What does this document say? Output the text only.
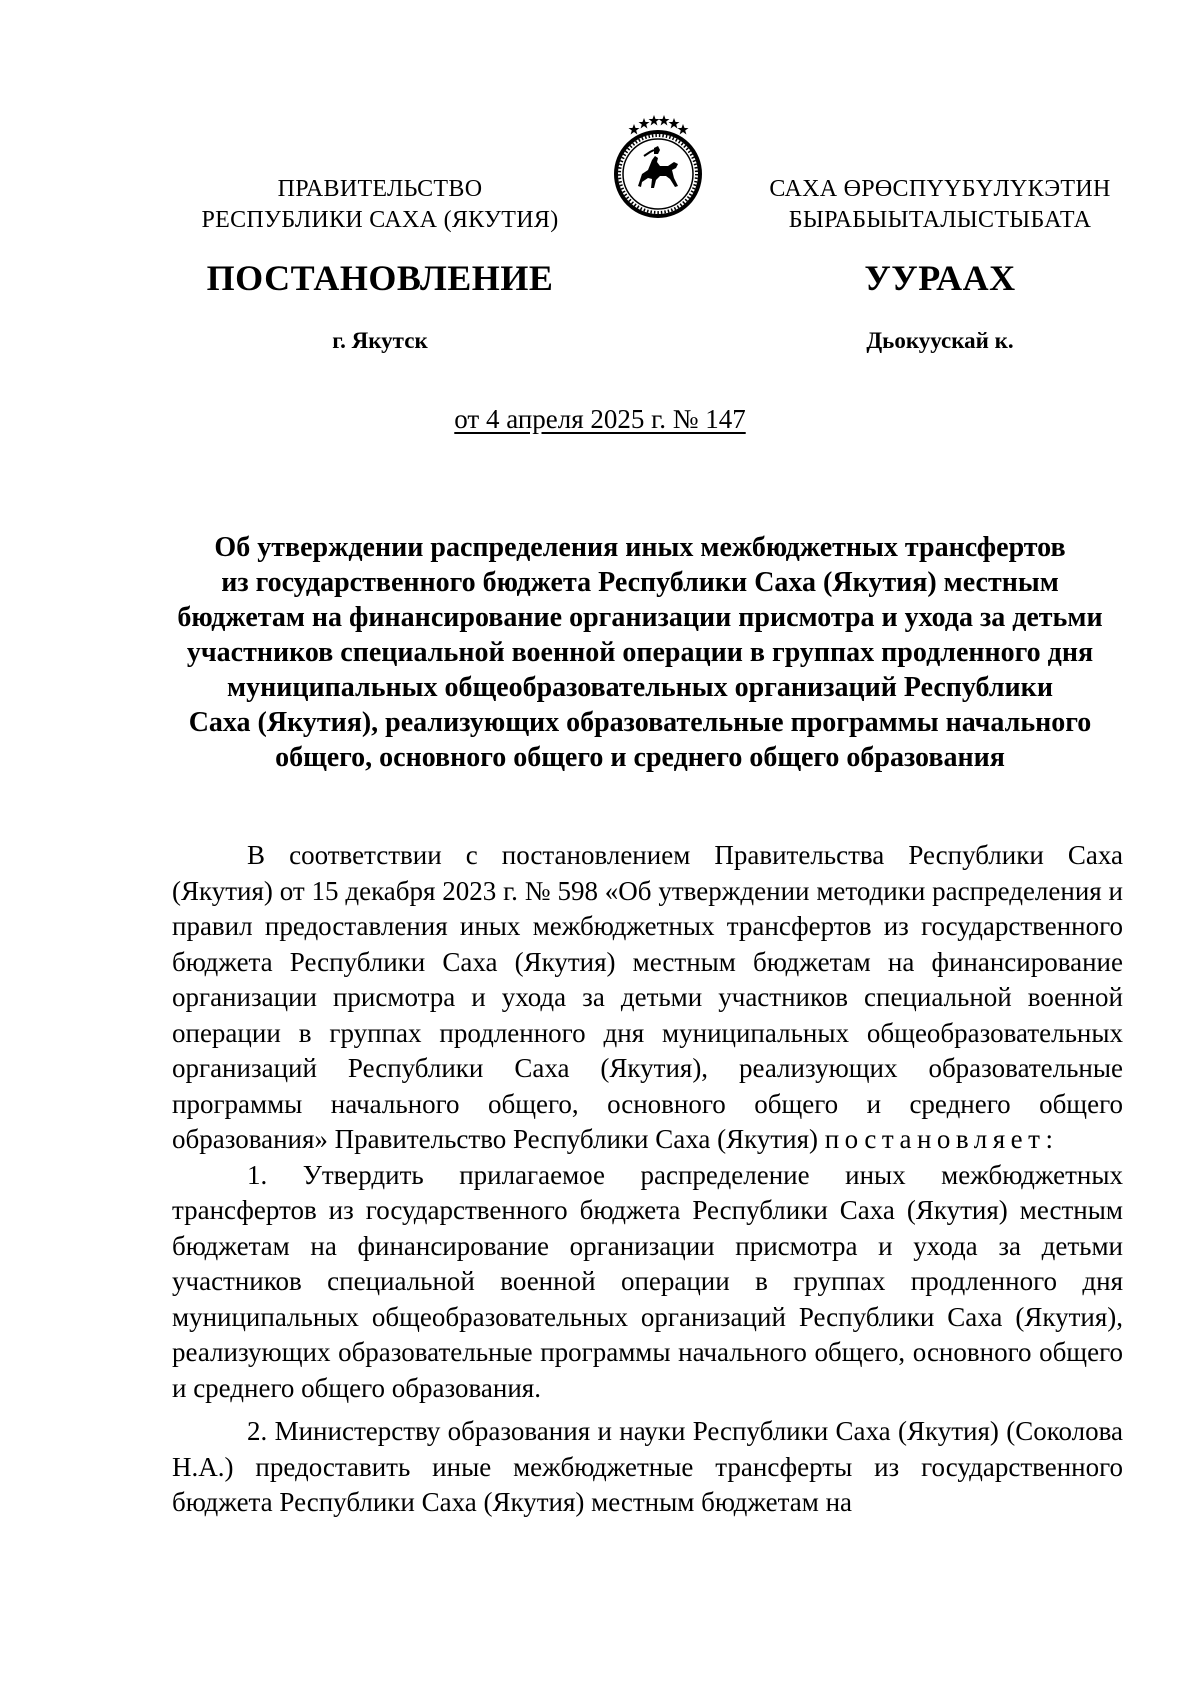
ПРАВИТЕЛЬСТВО
РЕСПУБЛИКИ САХА (ЯКУТИЯ)
САХА ӨРӨСПҮҮБҮЛҮКЭТИН
БЫРАБЫЫТАЛЫСТЫБАТА
ПОСТАНОВЛЕНИЕ	УУРААХ
г. Якутск	Дьокуускай к.
от 4 апреля 2025 г. № 147
Об утверждении распределения иных межбюджетных трансфертов
из государственного бюджета Республики Саха (Якутия) местным
бюджетам на финансирование организации присмотра и ухода за детьми
участников специальной военной операции в группах продленного дня
муниципальных общеобразовательных организаций Республики
Саха (Якутия), реализующих образовательные программы начального
общего, основного общего и среднего общего образования

В соответствии с постановлением Правительства Республики Саха (Якутия) от 15 декабря 2023 г. № 598 «Об утверждении методики распределения и правил предоставления иных межбюджетных трансфертов из государственного бюджета Республики Саха (Якутия) местным бюджетам на финансирование организации присмотра и ухода за детьми участников специальной военной операции в группах продленного дня муниципальных общеобразовательных организаций Республики Саха (Якутия), реализующих образовательные программы начального общего, основного общего и среднего общего образования» Правительство Республики Саха (Якутия) постановляет:

1. Утвердить прилагаемое распределение иных межбюджетных трансфертов из государственного бюджета Республики Саха (Якутия) местным бюджетам на финансирование организации присмотра и ухода за детьми участников специальной военной операции в группах продленного дня муниципальных общеобразовательных организаций Республики Саха (Якутия), реализующих образовательные программы начального общего, основного общего и среднего общего образования.

2. Министерству образования и науки Республики Саха (Якутия) (Соколова Н.А.) предоставить иные межбюджетные трансферты из государственного бюджета Республики Саха (Якутия) местным бюджетам на
